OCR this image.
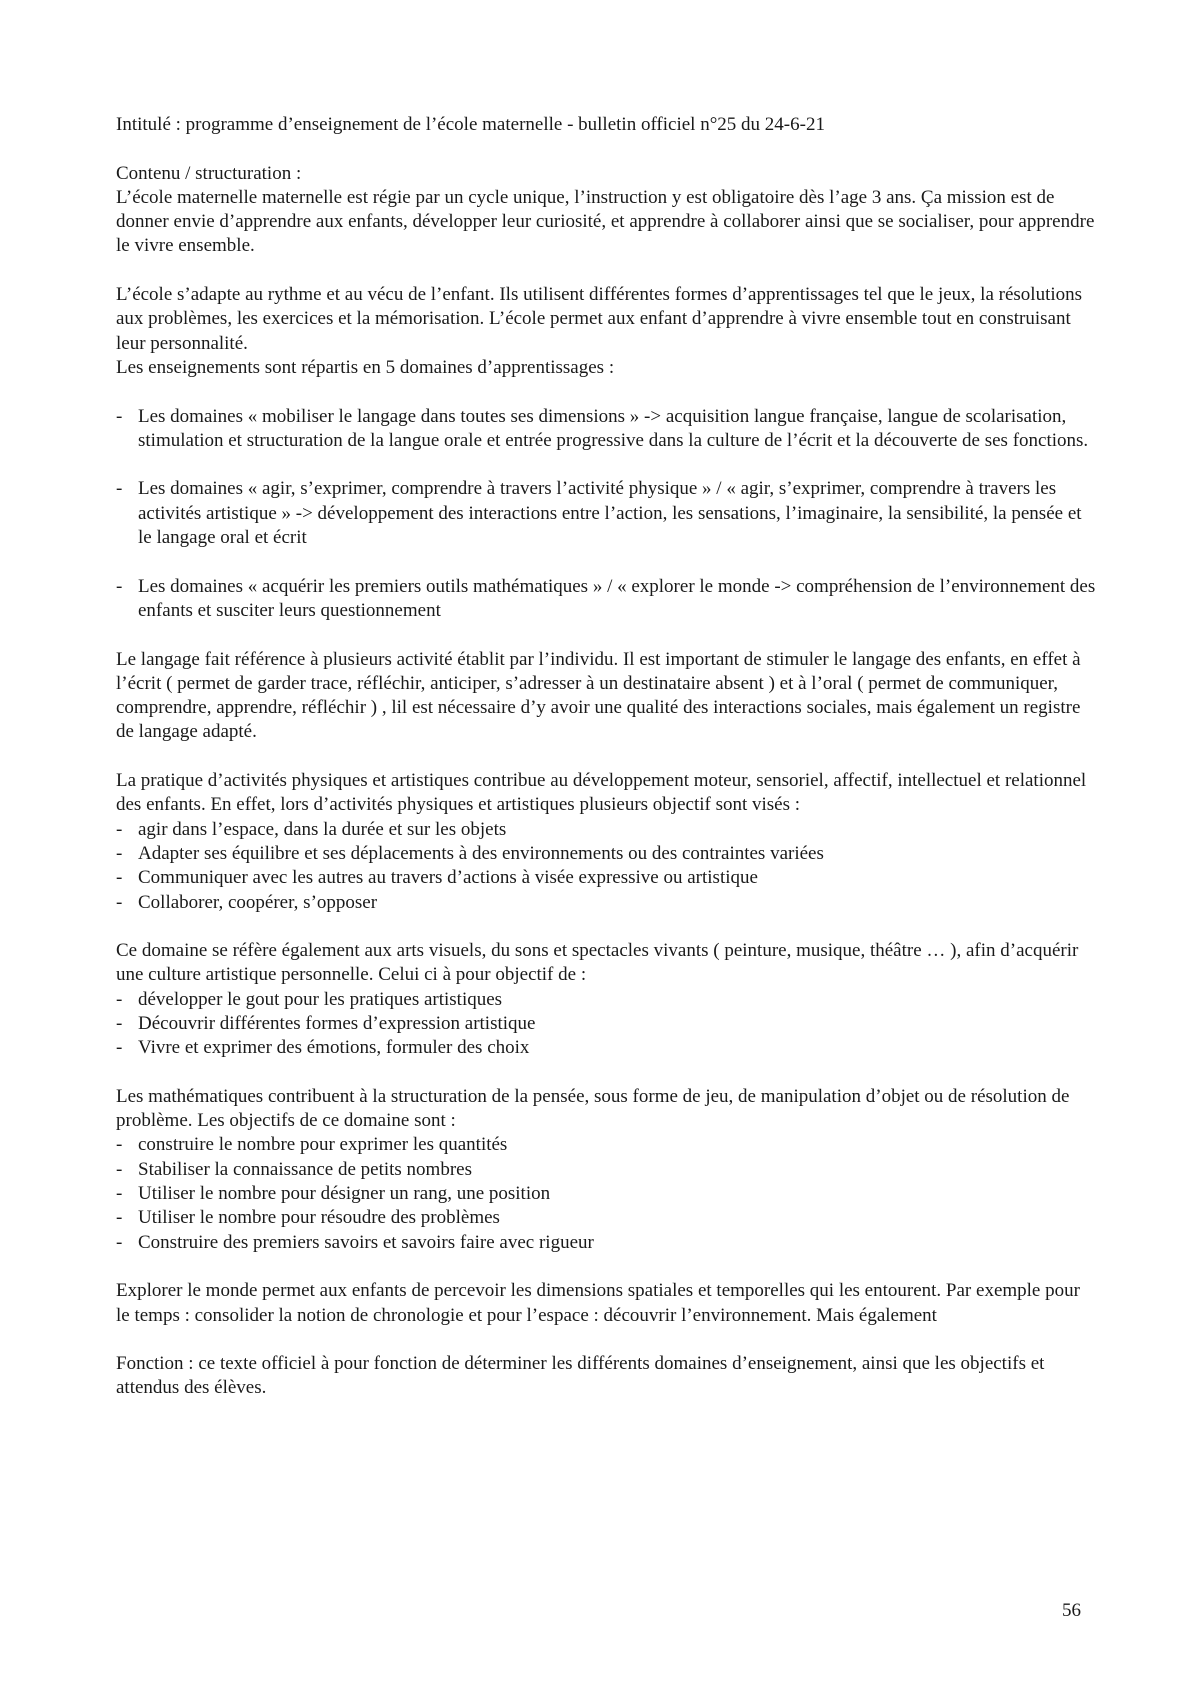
Intitulé : programme d’enseignement de l’école maternelle - bulletin officiel n°25 du 24-6-21

Contenu / structuration :

L’école maternelle maternelle est régie par un cycle unique, l’instruction y est obligatoire dès l’age 3 ans. Ça mission est de donner envie d’apprendre aux enfants, développer leur curiosité, et apprendre à collaborer ainsi que se socialiser, pour apprendre le vivre ensemble.

L’école s’adapte au rythme et au vécu de l’enfant. Ils utilisent différentes formes d’apprentissages tel que le jeux, la résolutions aux problèmes, les exercices et la mémorisation. L’école permet aux enfant d’apprendre à vivre ensemble tout en construisant leur personnalité.

Les enseignements sont répartis en 5 domaines d’apprentissages :

- Les domaines « mobiliser le langage dans toutes ses dimensions » -> acquisition langue française, langue de scolarisation, stimulation et structuration de la langue orale et entrée progressive dans la culture de l’écrit et la découverte de ses fonctions.
- Les domaines « agir, s’exprimer, comprendre à travers l’activité physique » / « agir, s’exprimer, comprendre à travers les activités artistique » -> développement des interactions entre l’action, les sensations, l’imaginaire, la sensibilité, la pensée et le langage oral et écrit
- Les domaines « acquérir les premiers outils mathématiques » / « explorer le monde -> compréhension de l’environnement des enfants et susciter leurs questionnement

Le langage fait référence à plusieurs activité établit par l’individu. Il est important de stimuler le langage des enfants, en effet à l’écrit ( permet de garder trace, réfléchir, anticiper, s’adresser à un destinataire absent ) et à l’oral ( permet de communiquer, comprendre, apprendre, réfléchir ) , lil est nécessaire d’y avoir une qualité des interactions sociales, mais également un registre de langage adapté.

La pratique d’activités physiques et artistiques contribue au développement moteur, sensoriel, affectif, intellectuel et relationnel des enfants. En effet, lors d’activités physiques et artistiques plusieurs objectif sont visés :

- agir dans l’espace, dans la durée et sur les objets
- Adapter ses équilibre et ses déplacements à des environnements ou des contraintes variées
- Communiquer avec les autres au travers d’actions à visée expressive ou artistique
- Collaborer, coopérer, s’opposer

Ce domaine se réfère également aux arts visuels, du sons et spectacles vivants ( peinture, musique, théâtre … ), afin d’acquérir une culture artistique personnelle. Celui ci à pour objectif de :

- développer le gout pour les pratiques artistiques
- Découvrir différentes formes d’expression artistique
- Vivre et exprimer des émotions, formuler des choix

Les mathématiques contribuent à la structuration de la pensée, sous forme de jeu, de manipulation d’objet ou de résolution de problème. Les objectifs de ce domaine sont :

- construire le nombre pour exprimer les quantités
- Stabiliser la connaissance de petits nombres
- Utiliser le nombre pour désigner un rang, une position
- Utiliser le nombre pour résoudre des problèmes
- Construire des premiers savoirs et savoirs faire avec rigueur

Explorer le monde permet aux enfants de percevoir les dimensions spatiales et temporelles qui les entourent. Par exemple pour le temps : consolider la notion de chronologie et pour l’espace : découvrir l’environnement. Mais également

Fonction : ce texte officiel à pour fonction de déterminer les différents domaines d’enseignement, ainsi que les objectifs et attendus des élèves.

56
